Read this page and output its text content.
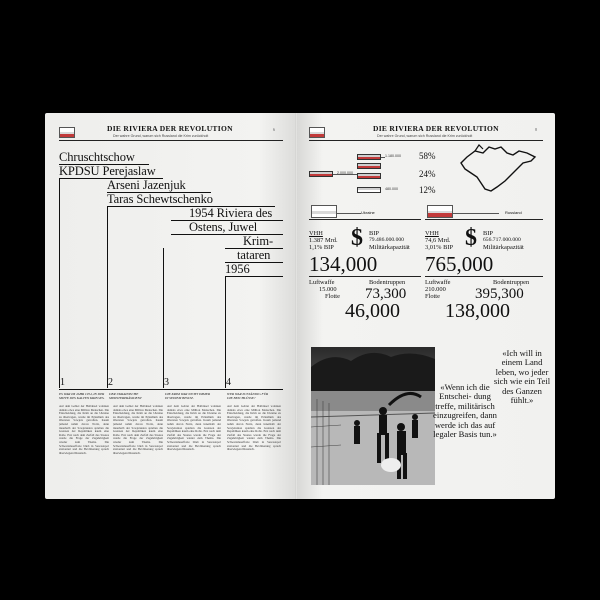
DIE RIVIERA DER REVOLUTION
Der wahre Grund, warum sich Russland die Krim zurückholt
6
Chruschtschow
KPDSU Perejaslaw
Arseni Jazenjuk
Taras Schewtschenko
1954 Riviera des
Ostens, Juwel
Krim-
tataren
1956
1	2	3	4
ES WAR IM JAHR 1954, IN DER MITTE DES KALTEN KRIEGES.
DER UKRAINISCHE MINISTERPRÄSIDENT
DIE KRIM WAR NICHT IMMER IN SEINEM BESITZ.
WER WAR ZUSTÄNDIG FÜR DIE BESCHLÜSSE?
Auf dem Gebiet der Halbinsel wohnten damals etwa eine Million Menschen. Die Entscheidung, die Krim an die Ukraine zu übertragen, wurde im Präsidium des Obersten Sowjets getroffen. Kaum jemand nahm davon Notiz, denn innerhalb der Sowjetunion spielten die Grenzen der Republiken kaum eine Rolle. Erst nach dem Zerfall des Staates wurde die Frage der Zugehörigkeit wieder zum Thema. Die Schwarzmeerflotte blieb in Sewastopol stationiert und die Bevölkerung sprach überwiegend Russisch.
Auf dem Gebiet der Halbinsel wohnten damals etwa eine Million Menschen. Die Entscheidung, die Krim an die Ukraine zu übertragen, wurde im Präsidium des Obersten Sowjets getroffen. Kaum jemand nahm davon Notiz, denn innerhalb der Sowjetunion spielten die Grenzen der Republiken kaum eine Rolle. Erst nach dem Zerfall des Staates wurde die Frage der Zugehörigkeit wieder zum Thema. Die Schwarzmeerflotte blieb in Sewastopol stationiert und die Bevölkerung sprach überwiegend Russisch.
Auf dem Gebiet der Halbinsel wohnten damals etwa eine Million Menschen. Die Entscheidung, die Krim an die Ukraine zu übertragen, wurde im Präsidium des Obersten Sowjets getroffen. Kaum jemand nahm davon Notiz, denn innerhalb der Sowjetunion spielten die Grenzen der Republiken kaum eine Rolle. Erst nach dem Zerfall des Staates wurde die Frage der Zugehörigkeit wieder zum Thema. Die Schwarzmeerflotte blieb in Sewastopol stationiert und die Bevölkerung sprach überwiegend Russisch.
Auf dem Gebiet der Halbinsel wohnten damals etwa eine Million Menschen. Die Entscheidung, die Krim an die Ukraine zu übertragen, wurde im Präsidium des Obersten Sowjets getroffen. Kaum jemand nahm davon Notiz, denn innerhalb der Sowjetunion spielten die Grenzen der Republiken kaum eine Rolle. Erst nach dem Zerfall des Staates wurde die Frage der Zugehörigkeit wieder zum Thema. Die Schwarzmeerflotte blieb in Sewastopol stationiert und die Bevölkerung sprach überwiegend Russisch.
DIE RIVIERA DER REVOLUTION
Der wahre Grund, warum sich Russland die Krim zurückholt
8
1.180.000 58%
2.000.000	24%
480.000 12%
Ukraine
VHH
1.387 Mrd.
1,1% BIP $ BIP
79.486.000.000
Militärkapazität
134,000
Luftwaffe
15.000
Flotte
Bodentruppen
73,300
46,000
Russland
VHH
74,6 Mrd.
3,01% BIP $ BIP
656.717.000.000
Militärkapazität
765,000
Luftwaffe
210.000
Flotte
Bodentruppen
395,300
138,000
«Wenn ich die Entschei- dung treffe, militärisch einzugreifen, dann werde ich das auf legaler Basis tun.»
«Ich will in einem Land leben, wo jeder sich wie ein Teil des Ganzen fühlt.»
